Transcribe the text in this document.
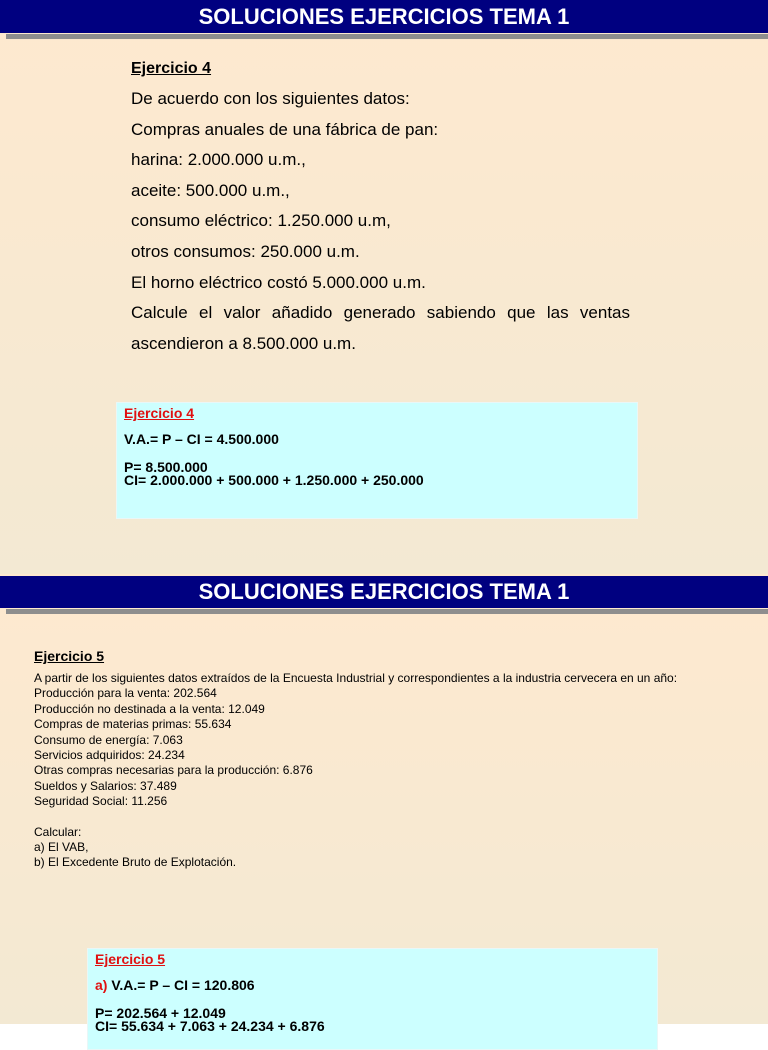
SOLUCIONES EJERCICIOS TEMA 1
Ejercicio 4
De acuerdo con los siguientes datos:
Compras anuales de una fábrica de pan:
harina: 2.000.000 u.m.,
aceite: 500.000 u.m.,
consumo eléctrico: 1.250.000 u.m,
otros consumos: 250.000 u.m.
El horno eléctrico costó 5.000.000 u.m.
Calcule el valor añadido generado sabiendo que las ventas
ascendieron a 8.500.000 u.m.
Ejercicio 4
V.A.= P – CI = 4.500.000
P= 8.500.000
CI= 2.000.000 + 500.000 + 1.250.000 + 250.000
SOLUCIONES EJERCICIOS TEMA 1
Ejercicio 5
A partir de los siguientes datos extraídos de la Encuesta Industrial y correspondientes a la industria cervecera en un año:
Producción para la venta: 202.564
Producción no destinada a la venta: 12.049
Compras de materias primas: 55.634
Consumo de energía: 7.063
Servicios adquiridos: 24.234
Otras compras necesarias para la producción: 6.876
Sueldos y Salarios: 37.489
Seguridad Social: 11.256
Calcular:
a) El VAB,
b) El Excedente Bruto de Explotación.
Ejercicio 5
a) V.A.= P – CI = 120.806
P= 202.564 + 12.049
CI= 55.634 + 7.063 + 24.234 + 6.876
